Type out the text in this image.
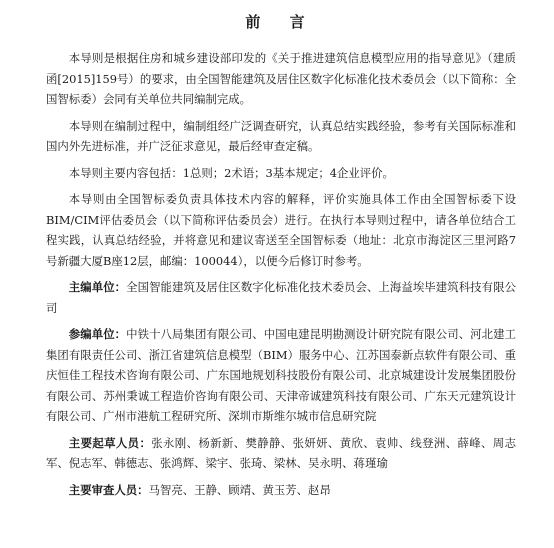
前 言

本导则是根据住房和城乡建设部印发的《关于推进建筑信息模型应用的指导意见》（建质函[2015]159号）的要求，由全国智能建筑及居住区数字化标准化技术委员会（以下简称：全国智标委）会同有关单位共同编制完成。

本导则在编制过程中，编制组经广泛调查研究，认真总结实践经验，参考有关国际标准和国内外先进标准，并广泛征求意见，最后经审查定稿。

本导则主要内容包括：1总则；2术语；3基本规定；4企业评价。

本导则由全国智标委负责具体技术内容的解释，评价实施具体工作由全国智标委下设BIM/CIM评估委员会（以下简称评估委员会）进行。在执行本导则过程中，请各单位结合工程实践，认真总结经验，并将意见和建议寄送至全国智标委（地址：北京市海淀区三里河路7号新疆大厦B座12层，邮编：100044），以便今后修订时参考。

主编单位：全国智能建筑及居住区数字化标准化技术委员会、上海益埃毕建筑科技有限公司

参编单位：中铁十八局集团有限公司、中国电建昆明勘测设计研究院有限公司、河北建工集团有限责任公司、浙江省建筑信息模型（BIM）服务中心、江苏国泰新点软件有限公司、重庆恒佳工程技术咨询有限公司、广东国地规划科技股份有限公司、北京城建设计发展集团股份有限公司、苏州秉诚工程造价咨询有限公司、天津帝诚建筑科技有限公司、广东天元建筑设计有限公司、广州市港航工程研究所、深圳市斯维尔城市信息研究院

主要起草人员：张永刚、杨新新、樊静静、张妍妍、黄欣、袁帅、线登洲、薛峰、周志军、倪志军、韩德志、张鸿辉、梁宇、张琦、梁林、吴永明、蒋瑾瑜

主要审查人员：马智亮、王静、顾靖、黄玉芳、赵昂
